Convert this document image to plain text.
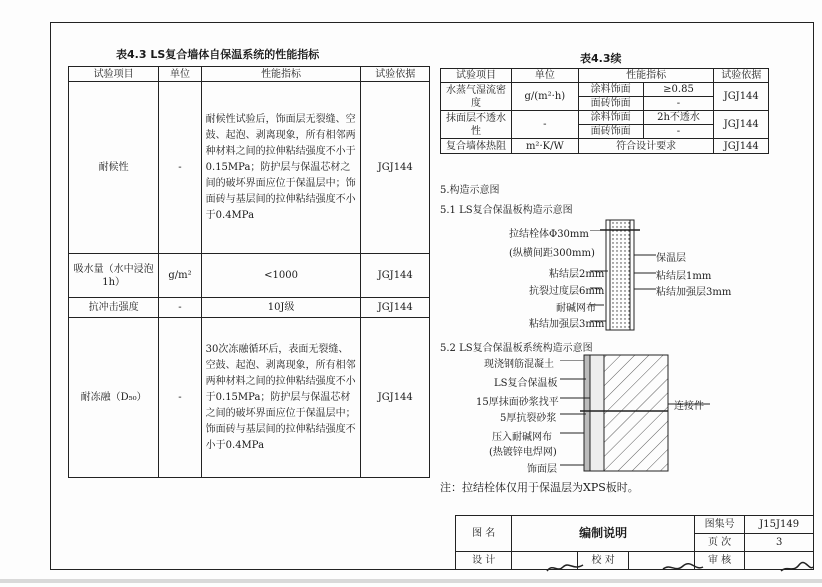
表4.3 LS复合墙体自保温系统的性能指标
试验项目	单位	性能指标	试验依据
耐候性	-	耐候性试验后，饰面层无裂缝、空鼓、起泡、剥离现象，所有相邻两种材料之间的拉伸粘结强度不小于0.15MPa；防护层与保温芯材之间的破坏界面应位于保温层中；饰面砖与基层间的拉伸粘结强度不小于0.4MPa	JGJ144
吸水量（水中浸泡1h）	g/m²	<1000	JGJ144
抗冲击强度	-	10J级	JGJ144
耐冻融（D₅₀）	-	30次冻融循环后，表面无裂缝、空鼓、起泡、剥离现象，所有相邻两种材料之间的拉伸粘结强度不小于0.15MPa；防护层与保温芯材之间的破坏界面应位于保温层中；饰面砖与基层间的拉伸粘结强度不小于0.4MPa	JGJ144
表4.3续
试验项目	单位	性能指标		试验依据
水蒸气湿流密度	g/(m²·h)	涂料饰面	≥0.85	JGJ144
		面砖饰面	-	
抹面层不透水性	-	涂料饰面	2h不透水	JGJ144
		面砖饰面	-	
复合墙体热阻	m²·K/W	符合设计要求		JGJ144
5.构造示意图
5.1 LS复合保温板构造示意图
拉结栓体Φ30mm
(纵横间距300mm)
粘结层2mm
抗裂过度层6mm
耐碱网布
粘结加强层3mm
保温层
粘结层1mm
粘结加强层3mm
5.2 LS复合保温板系统构造示意图
现浇钢筋混凝土
LS复合保温板
15厚抹面砂浆找平
5厚抗裂砂浆
压入耐碱网布
(热镀锌电焊网)
饰面层
连接件
注：拉结栓体仅用于保温层为XPS板时。
图 名	编制说明			图集号	J15J149
				页 次	3
设 计		校 对		审 核	
